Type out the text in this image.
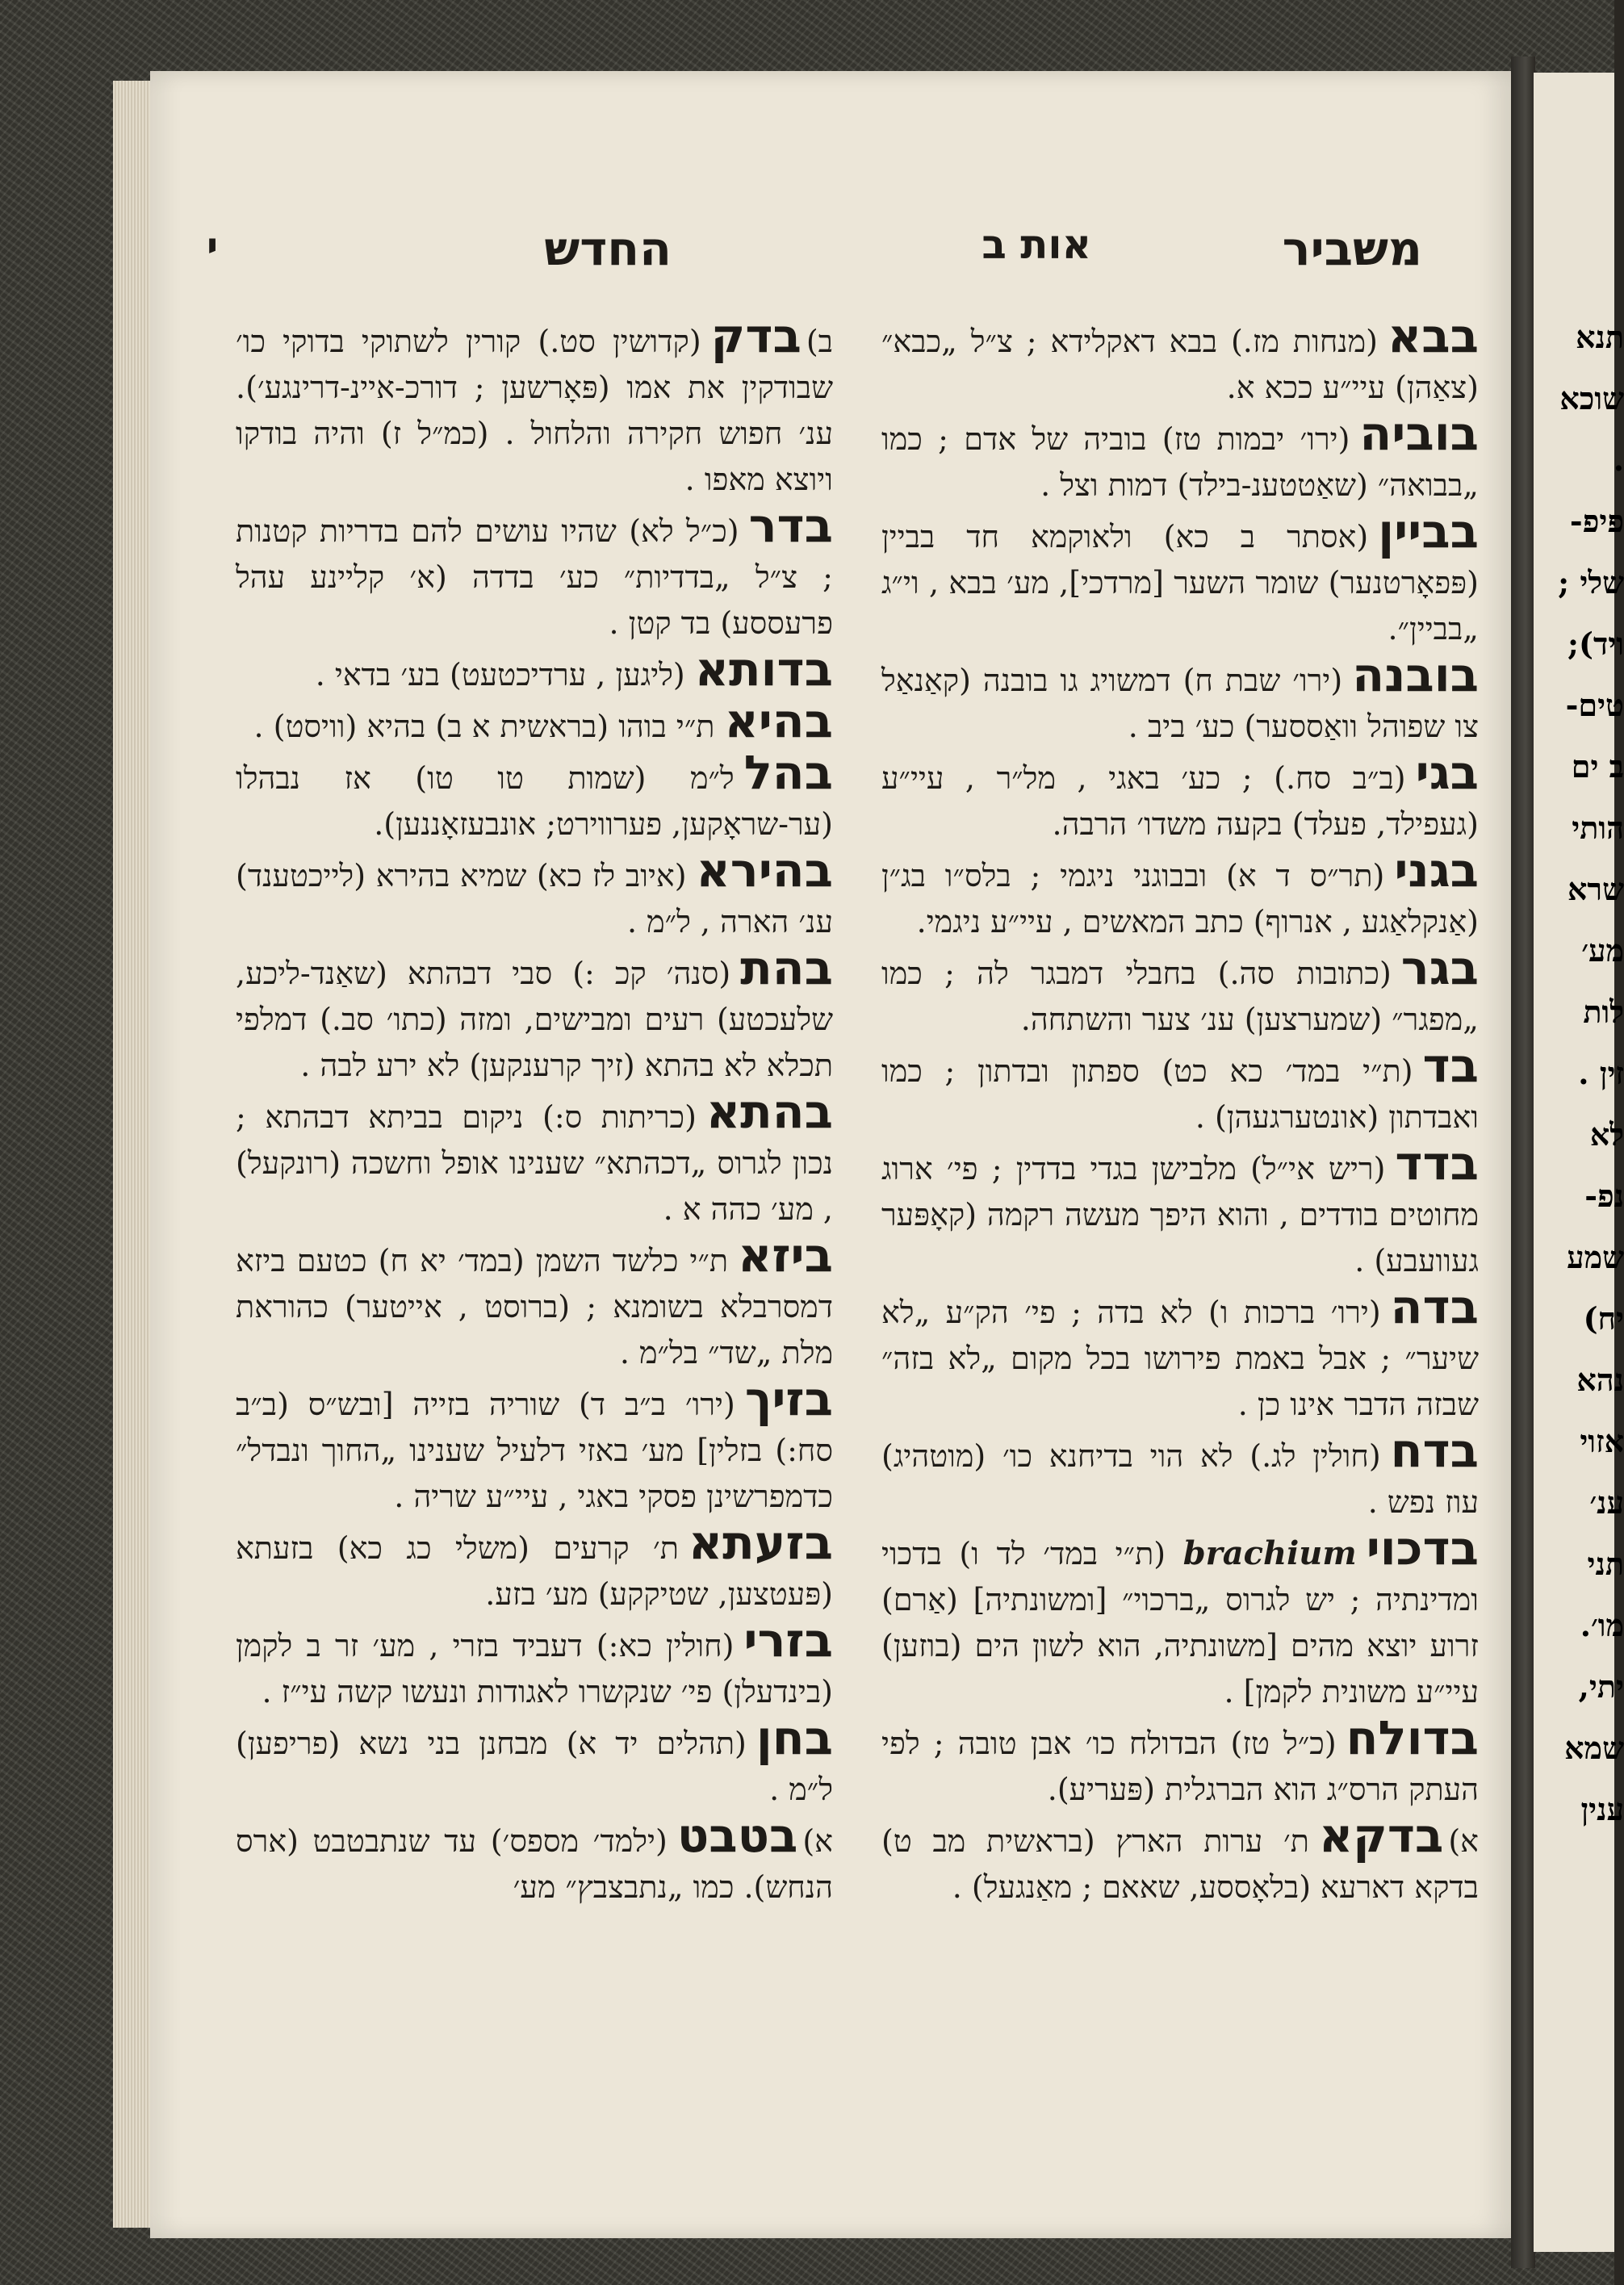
משביר
אות ב
החדש
י
בבא(מנחות מז.) בבא דאקלידא ; צ״ל „כבא״ (צאַהן) עיי״ע ככא א.
בוביה(ירו׳ יבמות טז) בוביה של אדם ; כמו „בבואה״ (שאַטטענ-בילד) דמות וצל .
בביין(אסתר ב כא) ולאוקמא חד בביין (פּפאָרטנער) שומר השער [מרדכי], מע׳ בבא , וי״ג „בביין״.
בובנה(ירו׳ שבת ח) דמשויג גו בובנה (קאַנאַל צו שפוהל וואַססער) כע׳ ביב .
בגי(ב״ב סח.) ; כע׳ באגי , מל״ר , עיי״ע (געפילד, פעלד) בקעה משדו׳ הרבה.
בגני(תר״ס ד א) ובבוגני ניגמי ; בלס״ו בג״ן (אַנקלאַגע , אנרוף) כתב המאשים , עיי״ע ניגמי.
בגר(כתובות סה.) בחבלי דמבגר לה ; כמו „מפגר״ (שמערצען) ענ׳ צער והשתחה.
בד(ת״י במד׳ כא כט) ספתון ובדתון ; כמו ואבדתון (אונטערגעהן) .
בדד(ריש אי״ל) מלבישן בגדי בדדין ; פי׳ ארוג מחוטים בודדים , והוא היפך מעשה רקמה (קאָפּער געוועבע) .
בדה(ירו׳ ברכות ו) לא בדה ; פי׳ הק״ע „לא שיער״ ; אבל באמת פירושו בכל מקום „לא בזה״ שבזה הדבר אינו כן .
בדח(חולין לג.) לא הוי בדיחנא כו׳ (מוטהיג) עוז נפש .
בדכויbrachium (ת״י במד׳ לד ו) בדכוי ומדינתיה ; יש לגרוס „ברכוי״ [ומשונתיה] (אַרם) זרוע יוצא מהים [משונתיה, הוא לשון הים (בוזען) עיי״ע משונית לקמן] .
בדולח(כ״ל טז) הבדולח כו׳ אבן טובה ; לפי העתק הרס״ג הוא הברגלית (פּעריע).
א)בדקאת׳ ערות הארץ (בראשית מב ט) בדקא דארעא (בלאָססע, שאאם ; מאַנגעל) .
ב)בדק(קדושין סט.) קורין לשתוקי בדוקי כו׳ שבודקין את אמו (פּאָרשען ; דורכ-איינ-דרינגע׳). ענ׳ חפוש חקירה והלחול . (כמ״ל ז) והיה בודקו ויוצא מאפו .
בדר(כ״ל לא) שהיו עושים להם בדריות קטנות ; צ״ל „בדדיות״ כע׳ בדדה (א׳ קליינע עהל פרעססע) בד קטן .
בדותא(ליגען , ערדיכטעט) בע׳ בדאי .
בהיאת״י בוהו (בראשית א ב) בהיא (וויסט) .
בהלל״מ (שמות טו טו) אז נבהלו (ער-שראָקען, פערווירט; אונבעזאָננען).
בהירא(איוב לז כא) שמיא בהירא (לייכטענד) ענ׳ הארה , ל״מ .
בהת(סנה׳ קכ :) סבי דבהתא (שאַנד-ליכע, שלעכטע) רעים ומבישים, ומזה (כתו׳ סב.) דמלפי תכלא לא בהתא (זיך קרענקען) לא ירע לבה .
בהתא(כריתות ס:) ניקום בביתא דבהתא ; נכון לגרוס „דכהתא״ שענינו אופל וחשכה (רונקעל) , מע׳ כהה א .
ביזאת״י כלשד השמן (במד׳ יא ח) כטעם ביזא דמסרבלא בשומנא ; (ברוסט , אייטער) כהוראת מלת „שד״ בל״מ .
בזיך(ירו׳ ב״ב ד) שוריה בזייה [ובש״ס (ב״ב סח:) בזלין] מע׳ באזי דלעיל שענינו „החוך ונבדל״ כדמפרשינן פסקי באגי , עיי״ע שריה .
בזעתאת׳ קרעים (משלי כג כא) בזעתא (פּעטצען, שטיקקע) מע׳ בזע.
בזרי(חולין כא:) דעביד בזרי , מע׳ זר ב לקמן (בינדעלן) פי׳ שנקשרו לאגודות ונעשו קשה עי״ז .
בחן(תהלים יד א) מבחנן בני נשא (פריפען) ל״מ .
א)בטבט(ילמד׳ מספס׳) עד שנתבטבט (ארס הנחש). כמו „נתבצבץ״ מע׳
תנא
שוכא
.
פיפ-
שלי ;
ויד);
טים-
ב ים
הותי
שרא
מע׳
לות
זין .
לא
נפ-
שמע
יח)
נהא
אזוי
ענ׳
תני
מו׳.
יתי,
שמא
ענין
